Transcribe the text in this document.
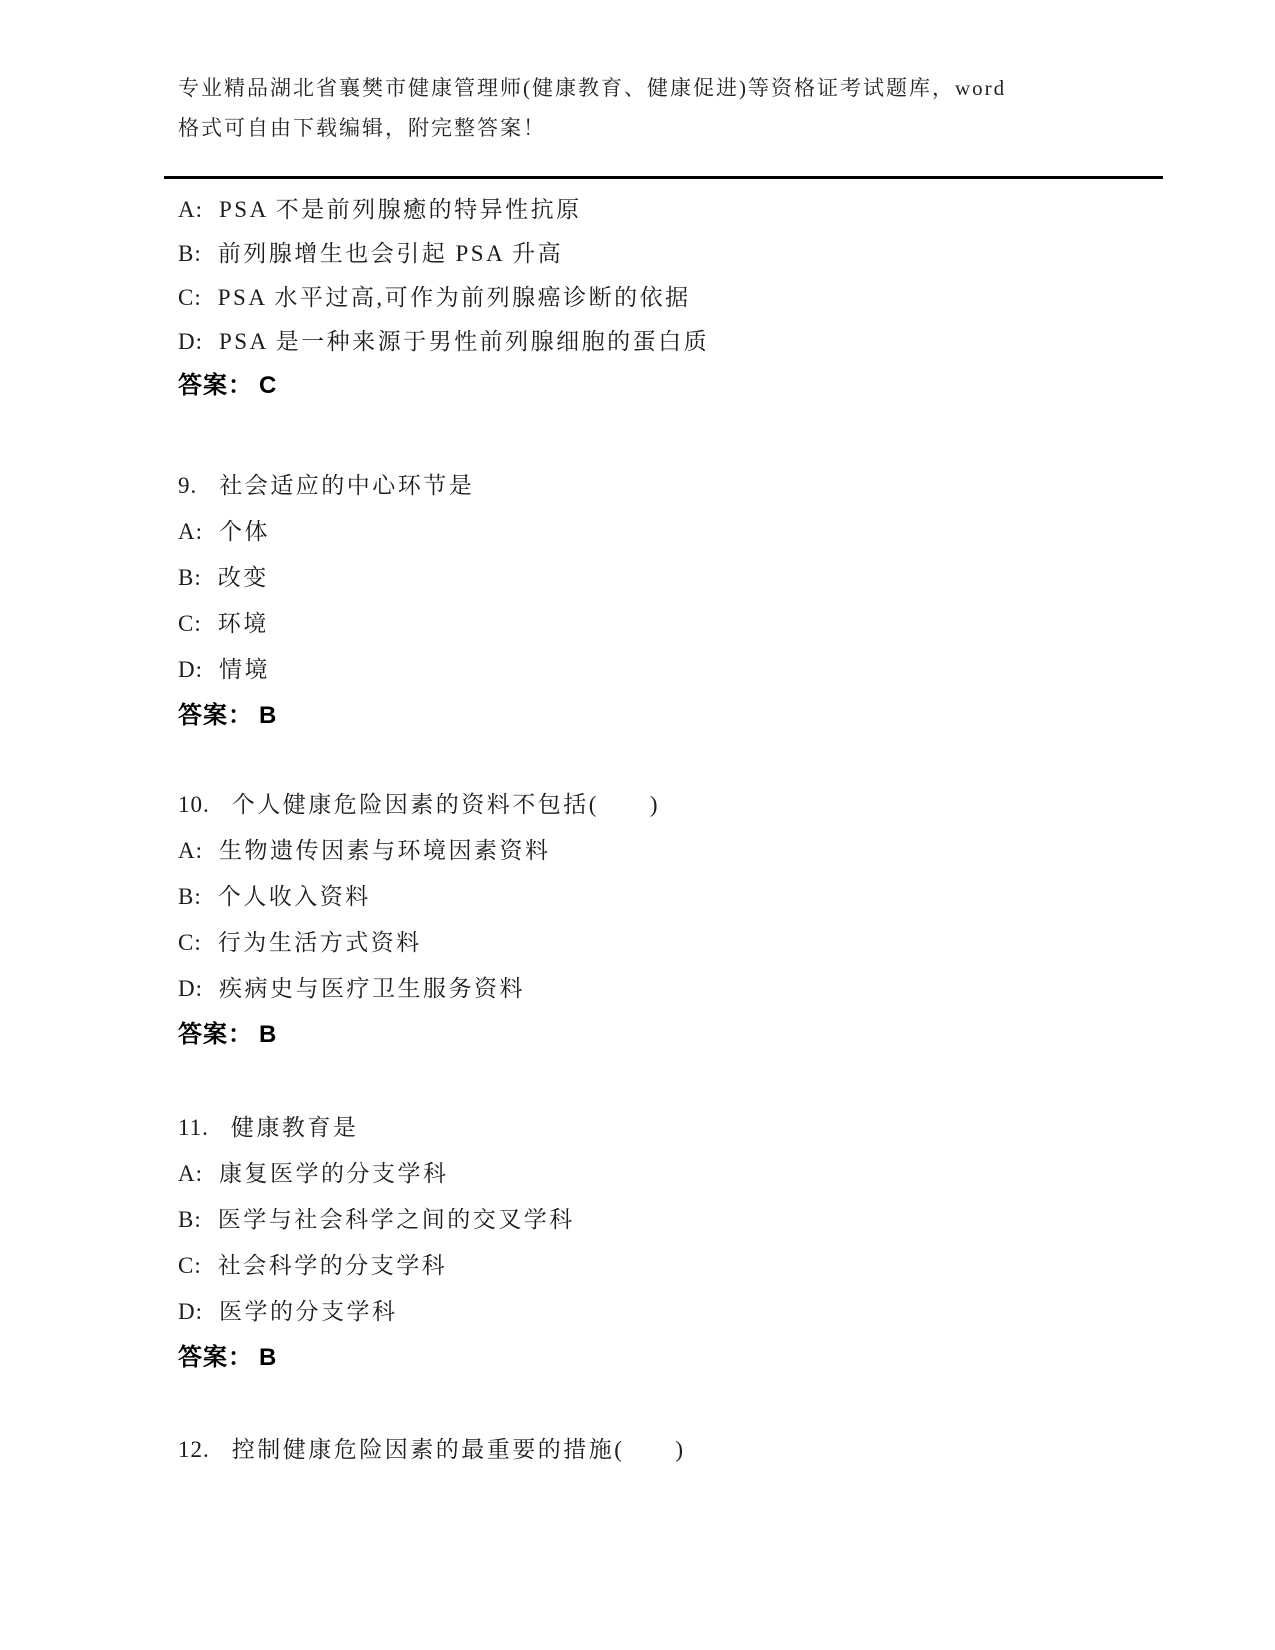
专业精品湖北省襄樊市健康管理师(健康教育、健康促进)等资格证考试题库，word
格式可自由下载编辑，附完整答案！
A: PSA 不是前列腺癒的特异性抗原
B: 前列腺增生也会引起 PSA 升高
C: PSA 水平过高,可作为前列腺癌诊断的依据
D: PSA 是一种来源于男性前列腺细胞的蛋白质
答案： C
9. 社会适应的中心环节是
A: 个体
B: 改变
C: 环境
D: 情境
答案： B
10. 个人健康危险因素的资料不包括(　　)
A: 生物遗传因素与环境因素资料
B: 个人收入资料
C: 行为生活方式资料
D: 疾病史与医疗卫生服务资料
答案： B
11. 健康教育是
A: 康复医学的分支学科
B: 医学与社会科学之间的交叉学科
C: 社会科学的分支学科
D: 医学的分支学科
答案： B
12. 控制健康危险因素的最重要的措施(　　)
